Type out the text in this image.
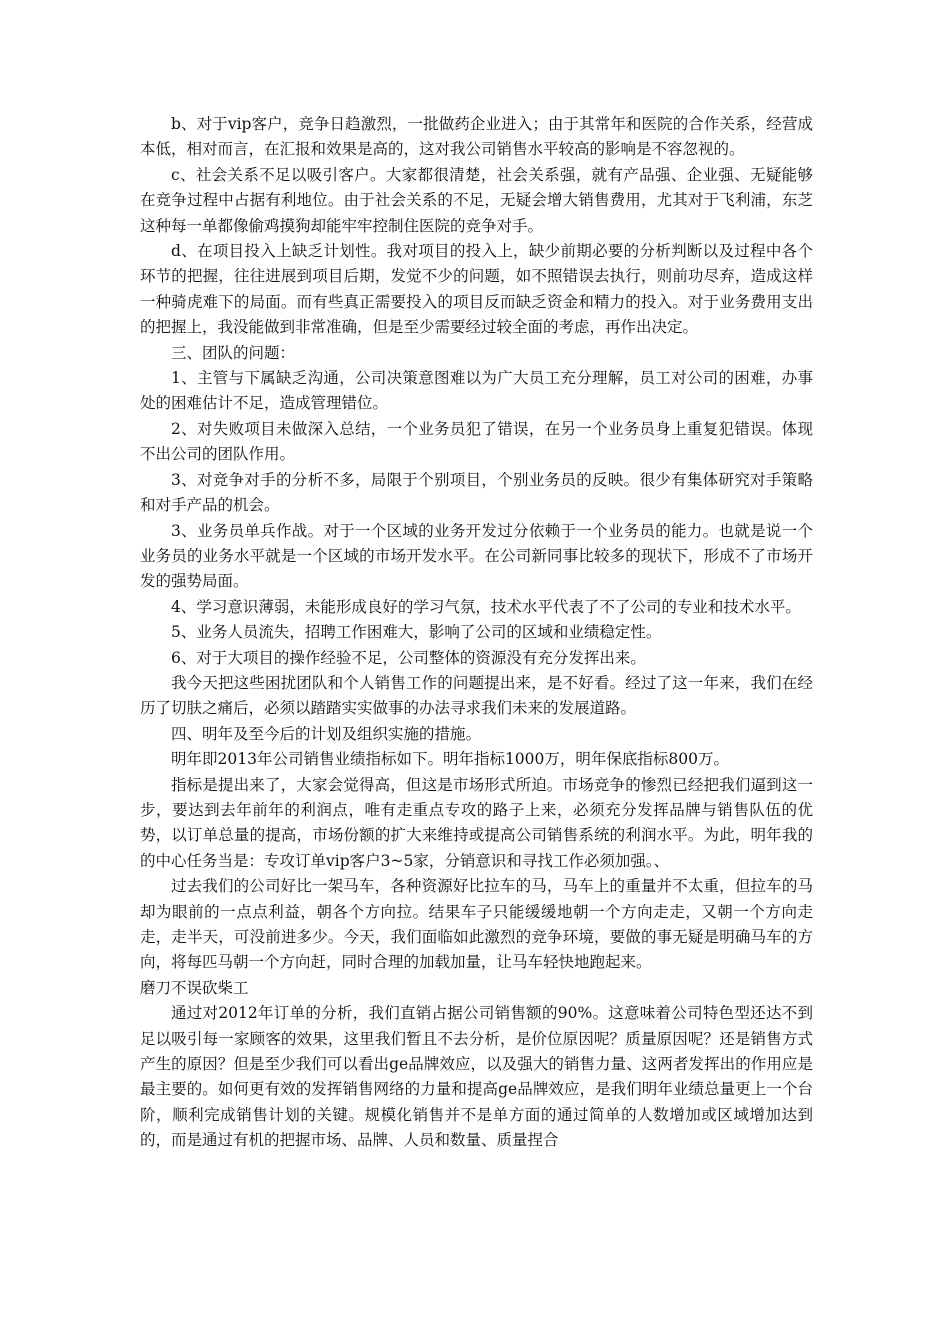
b、对于vip客户，竞争日趋激烈，一批做药企业进入；由于其常年和医院的合作关系，经营成本低，相对而言，在汇报和效果是高的，这对我公司销售水平较高的影响是不容忽视的。

c、社会关系不足以吸引客户。大家都很清楚，社会关系强，就有产品强、企业强、无疑能够在竞争过程中占据有利地位。由于社会关系的不足，无疑会增大销售费用，尤其对于飞利浦，东芝这种每一单都像偷鸡摸狗却能牢牢控制住医院的竞争对手。

d、在项目投入上缺乏计划性。我对项目的投入上，缺少前期必要的分析判断以及过程中各个环节的把握，往往进展到项目后期，发觉不少的问题，如不照错误去执行，则前功尽弃，造成这样一种骑虎难下的局面。而有些真正需要投入的项目反而缺乏资金和精力的投入。对于业务费用支出的把握上，我没能做到非常准确，但是至少需要经过较全面的考虑，再作出决定。

三、团队的问题：

1、主管与下属缺乏沟通，公司决策意图难以为广大员工充分理解，员工对公司的困难，办事处的困难估计不足，造成管理错位。

2、对失败项目未做深入总结，一个业务员犯了错误，在另一个业务员身上重复犯错误。体现不出公司的团队作用。

3、对竞争对手的分析不多，局限于个别项目，个别业务员的反映。很少有集体研究对手策略和对手产品的机会。

3、业务员单兵作战。对于一个区域的业务开发过分依赖于一个业务员的能力。也就是说一个业务员的业务水平就是一个区域的市场开发水平。在公司新同事比较多的现状下，形成不了市场开发的强势局面。

4、学习意识薄弱，未能形成良好的学习气氛，技术水平代表了不了公司的专业和技术水平。

5、业务人员流失，招聘工作困难大，影响了公司的区域和业绩稳定性。

6、对于大项目的操作经验不足，公司整体的资源没有充分发挥出来。

我今天把这些困扰团队和个人销售工作的问题提出来，是不好看。经过了这一年来，我们在经历了切肤之痛后，必须以踏踏实实做事的办法寻求我们未来的发展道路。

四、明年及至今后的计划及组织实施的措施。

明年即2013年公司销售业绩指标如下。明年指标1000万，明年保底指标800万。

指标是提出来了，大家会觉得高，但这是市场形式所迫。市场竞争的惨烈已经把我们逼到这一步，要达到去年前年的利润点，唯有走重点专攻的路子上来，必须充分发挥品牌与销售队伍的优势，以订单总量的提高，市场份额的扩大来维持或提高公司销售系统的利润水平。为此，明年我的的中心任务当是：专攻订单vip客户3~5家，分销意识和寻找工作必须加强。、

过去我们的公司好比一架马车，各种资源好比拉车的马，马车上的重量并不太重，但拉车的马却为眼前的一点点利益，朝各个方向拉。结果车子只能缓缓地朝一个方向走走，又朝一个方向走走，走半天，可没前进多少。今天，我们面临如此激烈的竞争环境，要做的事无疑是明确马车的方向，将每匹马朝一个方向赶，同时合理的加载加量，让马车轻快地跑起来。

磨刀不误砍柴工

通过对2012年订单的分析，我们直销占据公司销售额的90%。这意味着公司特色型还达不到足以吸引每一家顾客的效果，这里我们暂且不去分析，是价位原因呢？质量原因呢？还是销售方式产生的原因？但是至少我们可以看出ge品牌效应，以及强大的销售力量、这两者发挥出的作用应是最主要的。如何更有效的发挥销售网络的力量和提高ge品牌效应，是我们明年业绩总量更上一个台阶，顺利完成销售计划的关键。规模化销售并不是单方面的通过简单的人数增加或区域增加达到的，而是通过有机的把握市场、品牌、人员和数量、质量捏合
